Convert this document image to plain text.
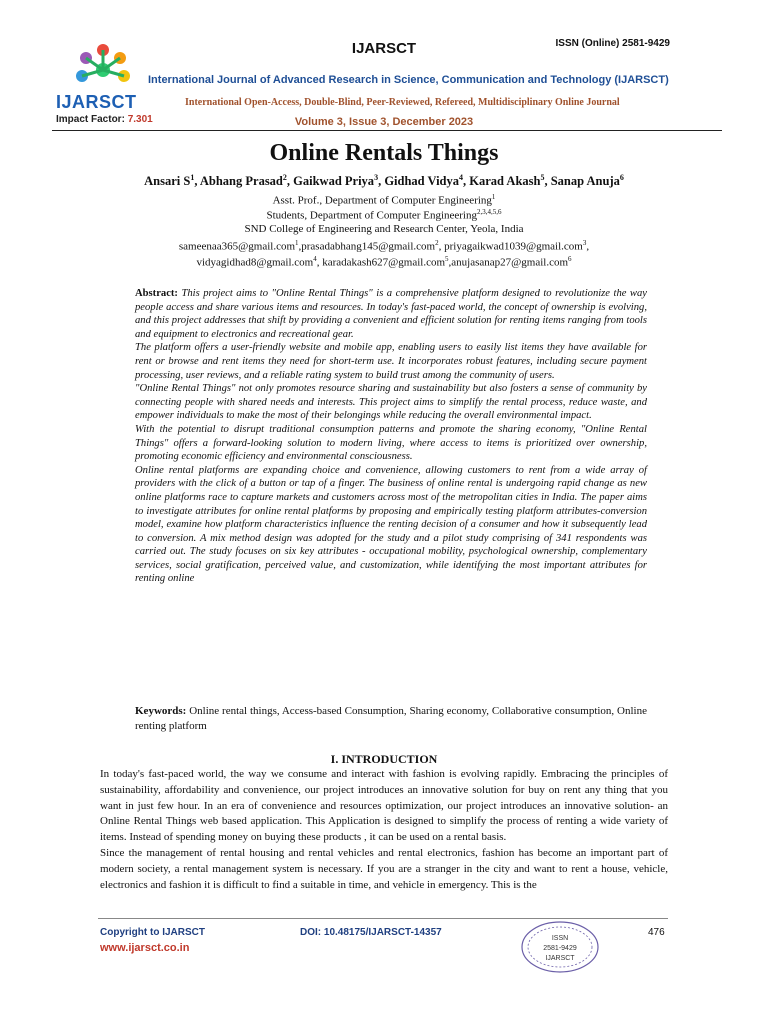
IJARSCT
Impact Factor: 7.301
IJARSCT	ISSN (Online) 2581-9429
International Journal of Advanced Research in Science, Communication and Technology (IJARSCT)
International Open-Access, Double-Blind, Peer-Reviewed, Refereed, Multidisciplinary Online Journal
Volume 3, Issue 3, December 2023
Online Rentals Things
Ansari $S^1$, Abhang Prasad$^2$, Gaikwad Priya$^3$, Gidhad Vidya$^4$, Karad Akash$^5$, Sanap Anuja$^6$
Asst. Prof., Department of Computer Engineering$^1$
Students, Department of Computer Engineering$^{2,3,4,5,6}$
SND College of Engineering and Research Center, Yeola, India
sameenaa365@gmail.com$^1$,prasadabhang145@gmail.com$^2$, priyagaikwad1039@gmail.com$^3$,
vidyagidhad8@gmail.com$^4$, karadakash627@gmail.com$^5$,anujasanap27@gmail.com$^6$

Abstract: This project aims to "Online Rental Things" is a comprehensive platform designed to revolutionize the way people access and share various items and resources. In today's fast-paced world, the concept of ownership is evolving, and this project addresses that shift by providing a convenient and efficient solution for renting items ranging from tools and equipment to electronics and recreational gear.

The platform offers a user-friendly website and mobile app, enabling users to easily list items they have available for rent or browse and rent items they need for short-term use. It incorporates robust features, including secure payment processing, user reviews, and a reliable rating system to build trust among the community of users.

"Online Rental Things" not only promotes resource sharing and sustainability but also fosters a sense of community by connecting people with shared needs and interests. This project aims to simplify the rental process, reduce waste, and empower individuals to make the most of their belongings while reducing the overall environmental impact.

With the potential to disrupt traditional consumption patterns and promote the sharing economy, "Online Rental Things" offers a forward-looking solution to modern living, where access to items is prioritized over ownership, promoting economic efficiency and environmental consciousness.

Online rental platforms are expanding choice and convenience, allowing customers to rent from a wide array of providers with the click of a button or tap of a finger. The business of online rental is undergoing rapid change as new online platforms race to capture markets and customers across most of the metropolitan cities in India. The paper aims to investigate attributes for online rental platforms by proposing and empirically testing platform attributes-conversion model, examine how platform characteristics influence the renting decision of a consumer and how it subsequently lead to conversion. A mix method design was adopted for the study and a pilot study comprising of 341 respondents was carried out. The study focuses on six key attributes - occupational mobility, psychological ownership, complementary services, social gratification, perceived value, and customization, while identifying the most important attributes for renting online

Keywords: Online rental things, Access-based Consumption, Sharing economy, Collaborative consumption, Online renting platform
I. INTRODUCTION

In today's fast-paced world, the way we consume and interact with fashion is evolving rapidly. Embracing the principles of sustainability, affordability and convenience, our project introduces an innovative solution for buy on rent any thing that you want in just few hour. In an era of convenience and resources optimization, our project introduces an innovative solution- an Online Rental Things web based application. This Application is designed to simplify the process of renting a wide variety of items. Instead of spending money on buying these products , it can be used on a rental basis.

Since the management of rental housing and rental vehicles and rental electronics, fashion has become an important part of modern society, a rental management system is necessary. If you are a stranger in the city and want to rent a house, vehicle, electronics and fashion it is difficult to find a suitable in time, and vehicle in emergency. This is the

Copyright to IJARSCT
www.ijarsct.co.in
DOI: 10.48175/IJARSCT-14357
ISSN
2581-9429
IJARSCT
476
